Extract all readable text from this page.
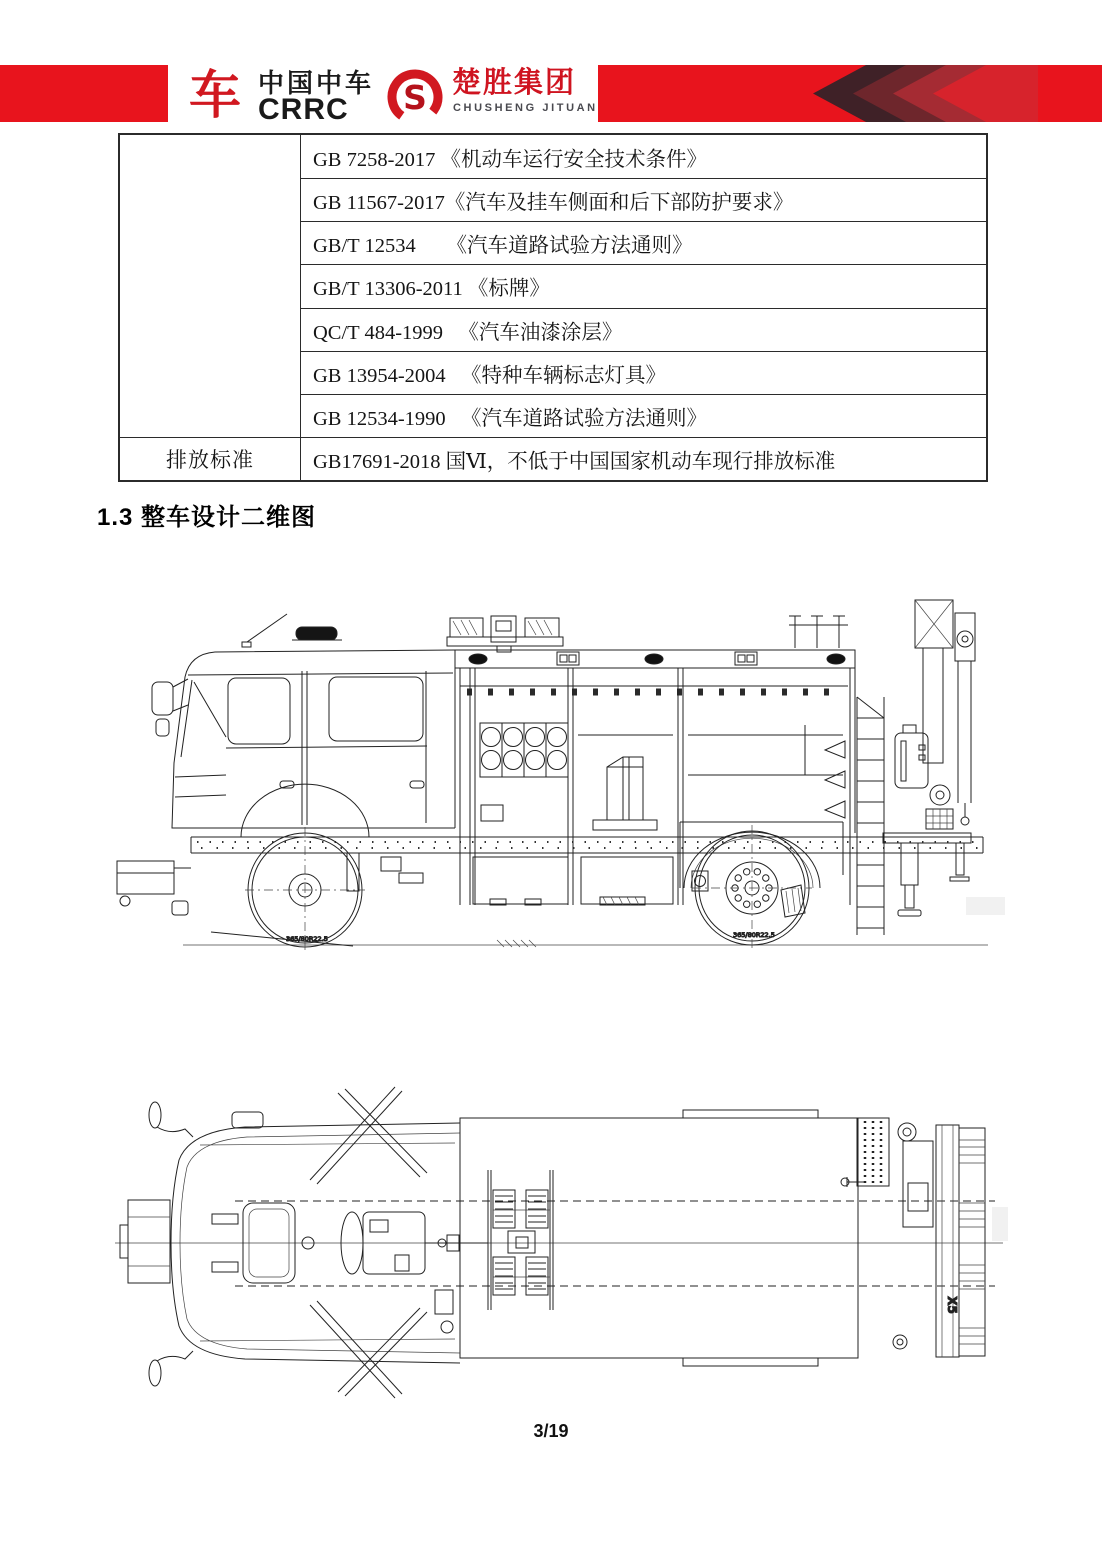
车 中国中车
CRRC S 楚胜集团
CHUSHENG JITUAN
排放标准
GB 7258-2017 《机动车运行安全技术条件》
GB 11567-2017《汽车及挂车侧面和后下部防护要求》
GB/T 12534      《汽车道路试验方法通则》
GB/T 13306-2011 《标牌》
QC/T 484-1999   《汽车油漆涂层》
GB 13954-2004   《特种车辆标志灯具》
GB 12534-1990   《汽车道路试验方法通则》
GB17691-2018 国Ⅵ，不低于中国国家机动车现行排放标准
1.3 整车设计二维图
365/80R22.5	365/80R22.5
X5
3/19
